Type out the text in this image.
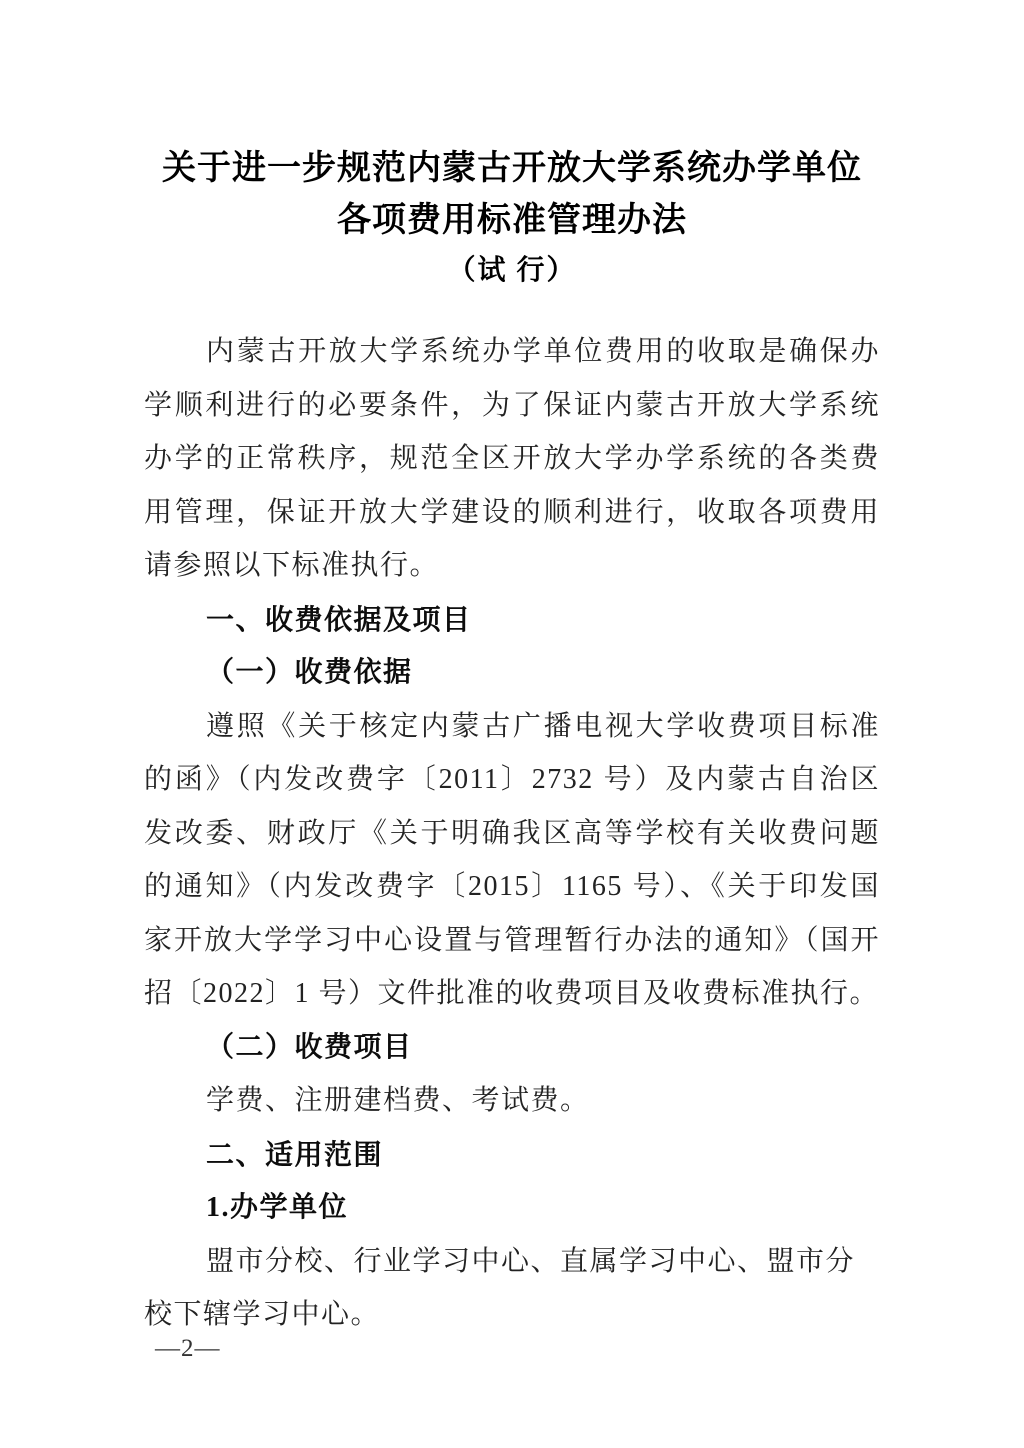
关于进一步规范内蒙古开放大学系统办学单位
各项费用标准管理办法
（试 行）

内蒙古开放大学系统办学单位费用的收取是确保办学顺利进行的必要条件，为了保证内蒙古开放大学系统办学的正常秩序，规范全区开放大学办学系统的各类费用管理，保证开放大学建设的顺利进行，收取各项费用请参照以下标准执行。

一、收费依据及项目

（一）收费依据

遵照《关于核定内蒙古广播电视大学收费项目标准的函》（内发改费字〔2011〕2732 号）及内蒙古自治区发改委、财政厅《关于明确我区高等学校有关收费问题的通知》（内发改费字〔2015〕1165 号）、《关于印发国家开放大学学习中心设置与管理暂行办法的通知》（国开招〔2022〕1 号）文件批准的收费项目及收费标准执行。

（二）收费项目

学费、注册建档费、考试费。

二、适用范围

1.办学单位

盟市分校、行业学习中心、直属学习中心、盟市分校下辖学习中心。

—2—
